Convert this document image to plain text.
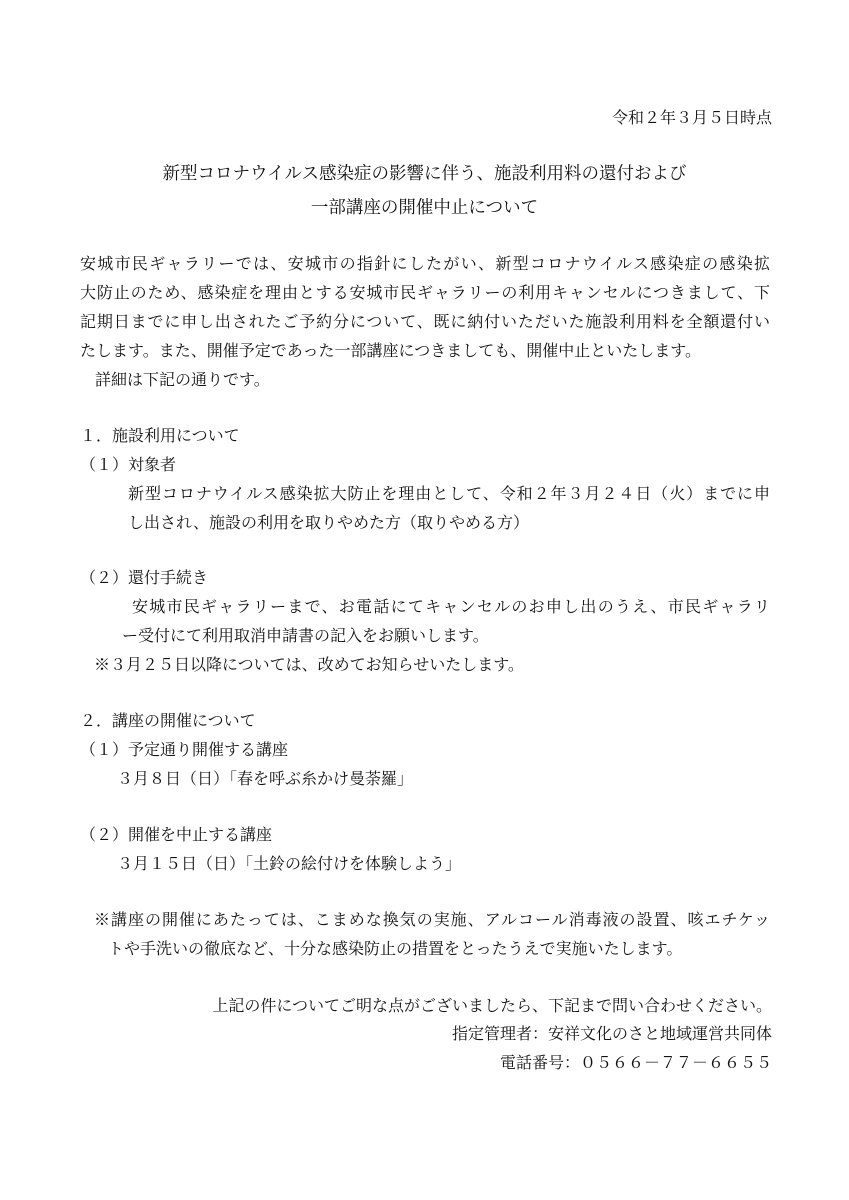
令和２年３月５日時点

新型コロナウイルス感染症の影響に伴う、施設利用料の還付および

一部講座の開催中止について

安城市民ギャラリーでは、安城市の指針にしたがい、新型コロナウイルス感染症の感染拡

大防止のため、感染症を理由とする安城市民ギャラリーの利用キャンセルにつきまして、下

記期日までに申し出されたご予約分について、既に納付いただいた施設利用料を全額還付い

たします。また、開催予定であった一部講座につきましても、開催中止といたします。

詳細は下記の通りです。

１．施設利用について

（１）対象者

新型コロナウイルス感染拡大防止を理由として、令和２年３月２４日（火）までに申

し出され、施設の利用を取りやめた方（取りやめる方）

（２）還付手続き

安城市民ギャラリーまで、お電話にてキャンセルのお申し出のうえ、市民ギャラリ

ー受付にて利用取消申請書の記入をお願いします。

※３月２５日以降については、改めてお知らせいたします。

２．講座の開催について

（１）予定通り開催する講座

３月８日（日）「春を呼ぶ糸かけ曼荼羅」

（２）開催を中止する講座

３月１５日（日）「土鈴の絵付けを体験しよう」

※講座の開催にあたっては、こまめな換気の実施、アルコール消毒液の設置、咳エチケッ

トや手洗いの徹底など、十分な感染防止の措置をとったうえで実施いたします。

上記の件についてご明な点がございましたら、下記まで問い合わせください。

指定管理者：安祥文化のさと地域運営共同体

電話番号：０５６６－７７－６６５５
